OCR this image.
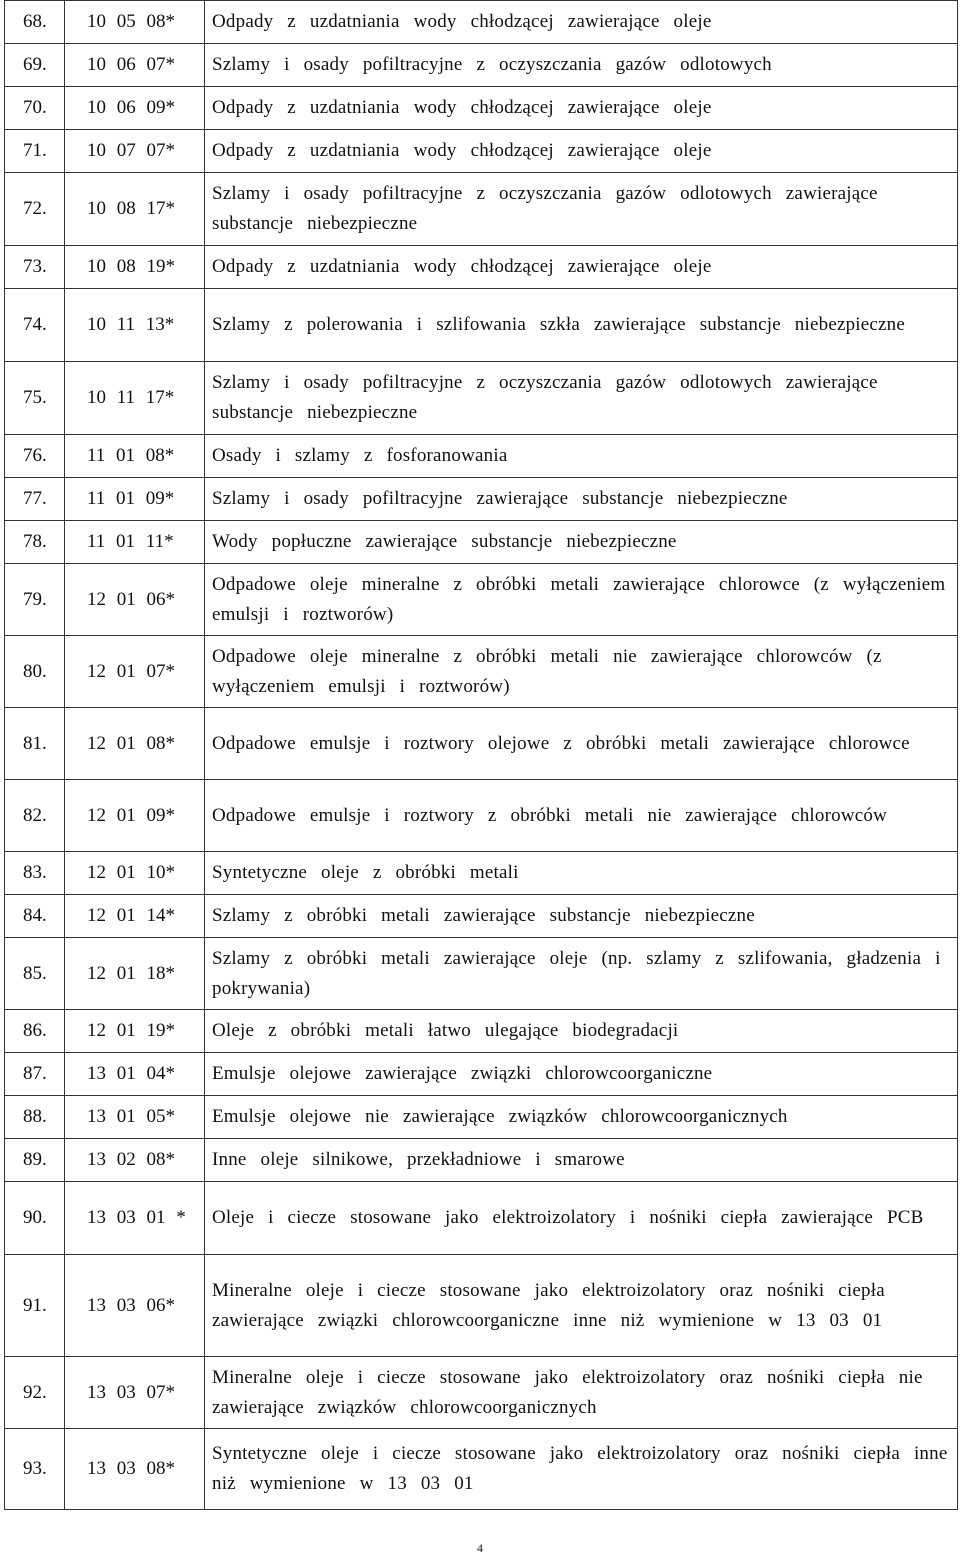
68.	10 05 08*	Odpady z uzdatniania wody chłodzącej zawierające oleje
69.	10 06 07*	Szlamy i osady pofiltracyjne z oczyszczania gazów odlotowych
70.	10 06 09*	Odpady z uzdatniania wody chłodzącej zawierające oleje
71.	10 07 07*	Odpady z uzdatniania wody chłodzącej zawierające oleje
72.	10 08 17*	Szlamy i osady pofiltracyjne z oczyszczania gazów odlotowych zawierające substancje niebezpieczne
73.	10 08 19*	Odpady z uzdatniania wody chłodzącej zawierające oleje
74.	10 11 13*	Szlamy z polerowania i szlifowania szkła zawierające substancje niebezpieczne
75.	10 11 17*	Szlamy i osady pofiltracyjne z oczyszczania gazów odlotowych zawierające substancje niebezpieczne
76.	11 01 08*	Osady i szlamy z fosforanowania
77.	11 01 09*	Szlamy i osady pofiltracyjne zawierające substancje niebezpieczne
78.	11 01 11*	Wody popłuczne zawierające substancje niebezpieczne
79.	12 01 06*	Odpadowe oleje mineralne z obróbki metali zawierające chlorowce (z wyłączeniem emulsji i roztworów)
80.	12 01 07*	Odpadowe oleje mineralne z obróbki metali nie zawierające chlorowców (z wyłączeniem emulsji i roztworów)
81.	12 01 08*	Odpadowe emulsje i roztwory olejowe z obróbki metali zawierające chlorowce
82.	12 01 09*	Odpadowe emulsje i roztwory z obróbki metali nie zawierające chlorowców
83.	12 01 10*	Syntetyczne oleje z obróbki metali
84.	12 01 14*	Szlamy z obróbki metali zawierające substancje niebezpieczne
85.	12 01 18*	Szlamy z obróbki metali zawierające oleje (np. szlamy z szlifowania, gładzenia i pokrywania)
86.	12 01 19*	Oleje z obróbki metali łatwo ulegające biodegradacji
87.	13 01 04*	Emulsje olejowe zawierające związki chlorowcoorganiczne
88.	13 01 05*	Emulsje olejowe nie zawierające związków chlorowcoorganicznych
89.	13 02 08*	Inne oleje silnikowe, przekładniowe i smarowe
90.	13 03 01 *	Oleje i ciecze stosowane jako elektroizolatory i nośniki ciepła zawierające PCB
91.	13 03 06*	Mineralne oleje i ciecze stosowane jako elektroizolatory oraz nośniki ciepła zawierające związki chlorowcoorganiczne inne niż wymienione w 13 03 01
92.	13 03 07*	Mineralne oleje i ciecze stosowane jako elektroizolatory oraz nośniki ciepła nie zawierające związków chlorowcoorganicznych
93.	13 03 08*	Syntetyczne oleje i ciecze stosowane jako elektroizolatory oraz nośniki ciepła inne niż wymienione w 13 03 01
4
